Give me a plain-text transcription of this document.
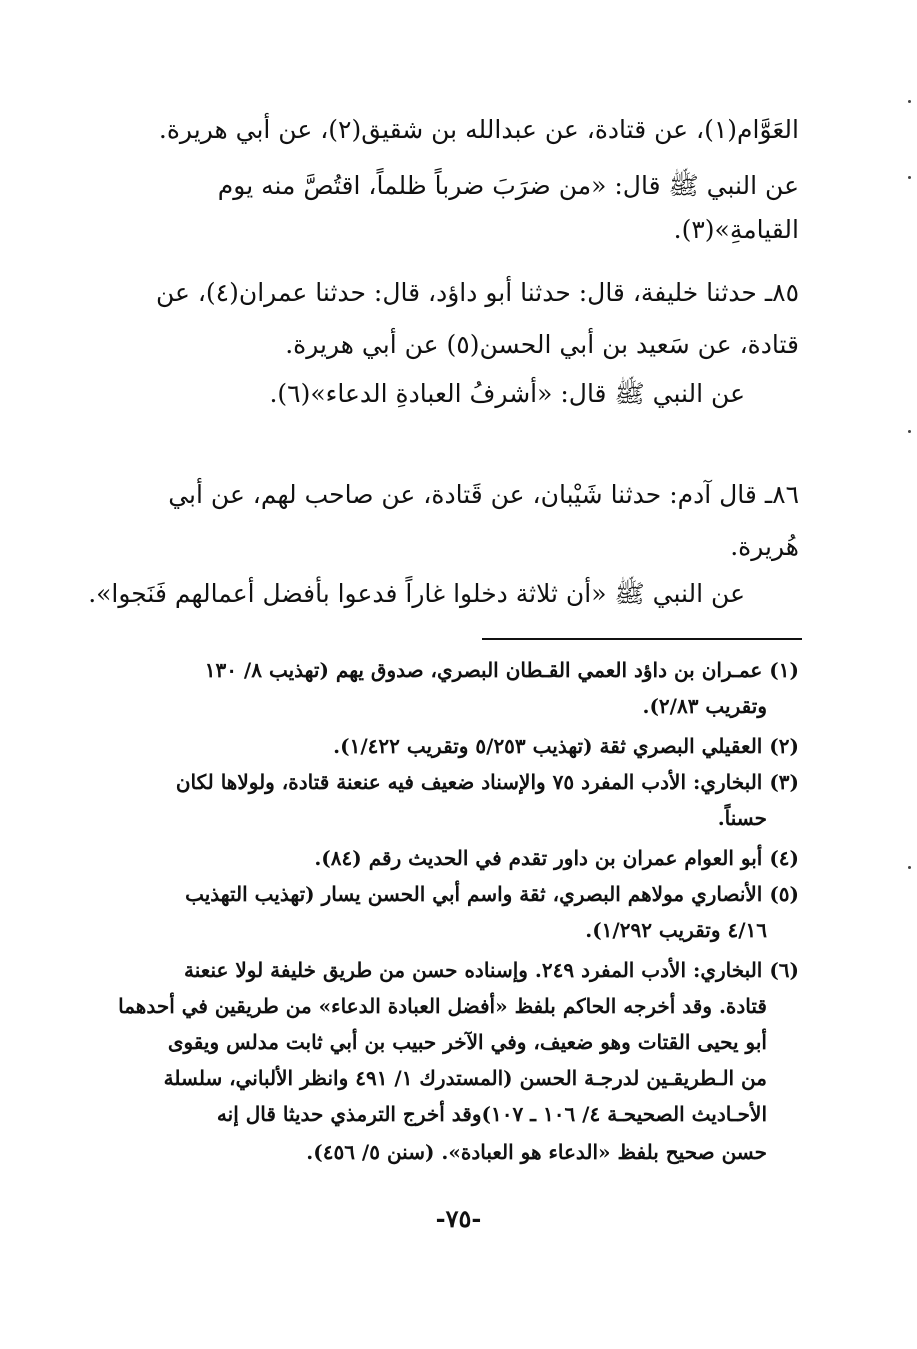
العَوَّام(١)، عن قتادة، عن عبدالله بن شقيق(٢)، عن أبي هريرة.
عن النبي ﷺ قال: «من ضرَبَ ضرباً ظلماً، اقتُصَّ منه يوم
القيامةِ»(٣).
٨٥ـ حدثنا خليفة، قال: حدثنا أبو داؤد، قال: حدثنا عمران(٤)، عن
قتادة، عن سَعيد بن أبي الحسن(٥) عن أبي هريرة.
عن النبي ﷺ قال: «أشرفُ العبادةِ الدعاء»(٦).
٨٦ـ قال آدم: حدثنا شَيْبان، عن قَتادة، عن صاحب لهم، عن أبي
هُريرة.
عن النبي ﷺ «أن ثلاثة دخلوا غاراً فدعوا بأفضل أعمالهم فَنَجوا».
(١) عمـران بن داؤد العمي القـطان البصري، صدوق يهم (تهذيب ٨/ ١٣٠
وتقريب ٢/٨٣).
(٢) العقيلي البصري ثقة (تهذيب ٥/٢٥٣ وتقريب ١/٤٢٢).
(٣) البخاري: الأدب المفرد ٧٥ والإسناد ضعيف فيه عنعنة قتادة، ولولاها لكان
حسناً.
(٤) أبو العوام عمران بن داور تقدم في الحديث رقم (٨٤).
(٥) الأنصاري مولاهم البصري، ثقة واسم أبي الحسن يسار (تهذيب التهذيب
٤/١٦ وتقريب ١/٢٩٢).
(٦) البخاري: الأدب المفرد ٢٤٩. وإسناده حسن من طريق خليفة لولا عنعنة
قتادة. وقد أخرجه الحاكم بلفظ «أفضل العبادة الدعاء» من طريقين في أحدهما
أبو يحيى القتات وهو ضعيف، وفي الآخر حبيب بن أبي ثابت مدلس ويقوى
من الـطريقـين لدرجـة الحسن (المستدرك ١/ ٤٩١ وانظر الألباني، سلسلة
الأحـاديث الصحيحـة ٤/ ١٠٦ ـ ١٠٧)وقد أخرج الترمذي حديثا قال إنه
حسن صحيح بلفظ «الدعاء هو العبادة». (سنن ٥/ ٤٥٦).
-٧٥-
